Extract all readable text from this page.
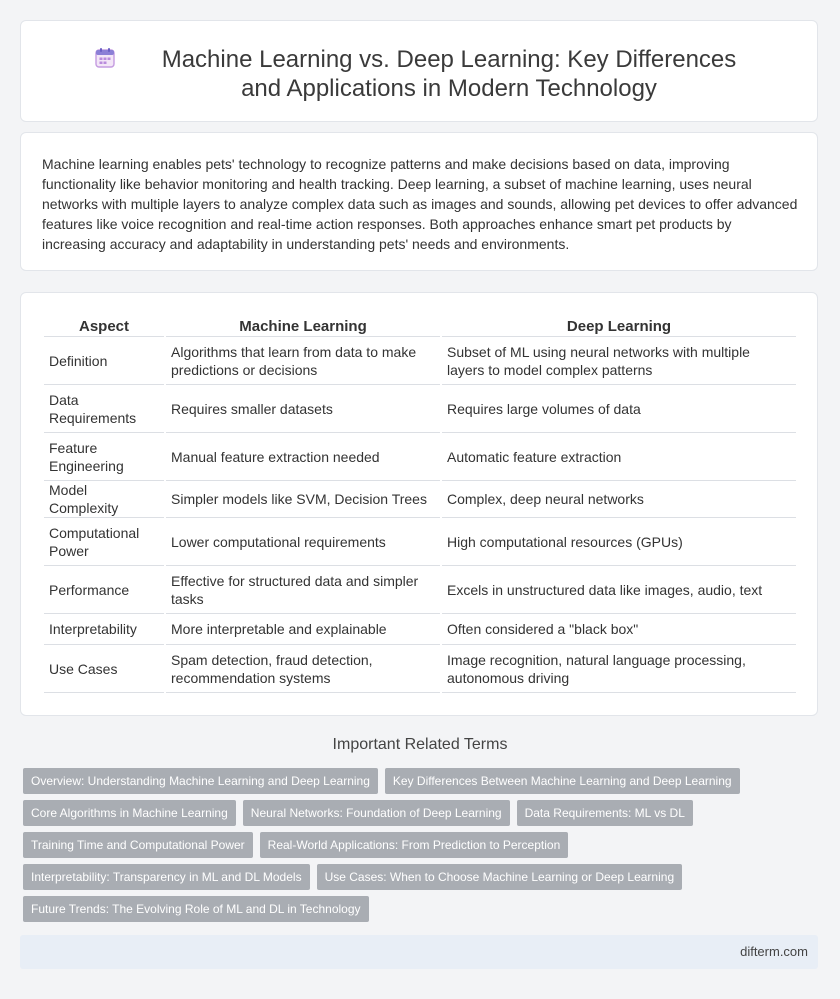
Machine Learning vs. Deep Learning: Key Differences and Applications in Modern Technology

Machine learning enables pets' technology to recognize patterns and make decisions based on data, improving functionality like behavior monitoring and health tracking. Deep learning, a subset of machine learning, uses neural networks with multiple layers to analyze complex data such as images and sounds, allowing pet devices to offer advanced features like voice recognition and real-time action responses. Both approaches enhance smart pet products by increasing accuracy and adaptability in understanding pets' needs and environments.

Aspect	Machine Learning	Deep Learning
Definition	Algorithms that learn from data to make predictions or decisions	Subset of ML using neural networks with multiple layers to model complex patterns
Data Requirements	Requires smaller datasets	Requires large volumes of data
Feature Engineering	Manual feature extraction needed	Automatic feature extraction
Model Complexity	Simpler models like SVM, Decision Trees	Complex, deep neural networks
Computational Power	Lower computational requirements	High computational resources (GPUs)
Performance	Effective for structured data and simpler tasks	Excels in unstructured data like images, audio, text
Interpretability	More interpretable and explainable	Often considered a "black box"
Use Cases	Spam detection, fraud detection, recommendation systems	Image recognition, natural language processing, autonomous driving
Important Related Terms
Overview: Understanding Machine Learning and Deep Learning	Key Differences Between Machine Learning and Deep Learning
Core Algorithms in Machine Learning	Neural Networks: Foundation of Deep Learning	Data Requirements: ML vs DL
Training Time and Computational Power	Real-World Applications: From Prediction to Perception
Interpretability: Transparency in ML and DL Models	Use Cases: When to Choose Machine Learning or Deep Learning
Future Trends: The Evolving Role of ML and DL in Technology
difterm.com
